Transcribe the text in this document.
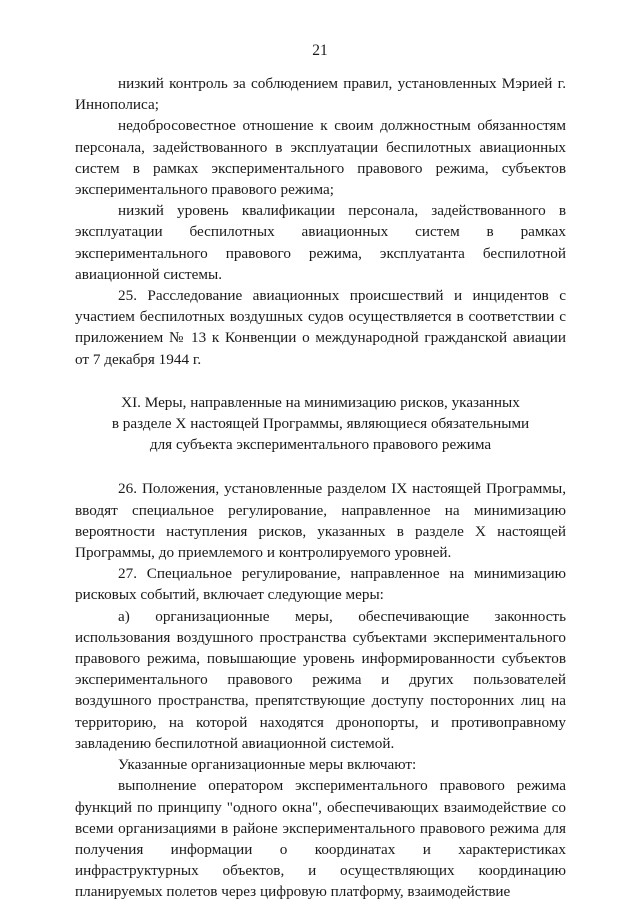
21

низкий контроль за соблюдением правил, установленных Мэрией г. Иннополиса;

недобросовестное отношение к своим должностным обязанностям персонала, задействованного в эксплуатации беспилотных авиационных систем в рамках экспериментального правового режима, субъектов экспериментального правового режима;

низкий уровень квалификации персонала, задействованного в эксплуатации беспилотных авиационных систем в рамках экспериментального правового режима, эксплуатанта беспилотной авиационной системы.

25. Расследование авиационных происшествий и инцидентов с участием беспилотных воздушных судов осуществляется в соответствии с приложением № 13 к Конвенции о международной гражданской авиации от 7 декабря 1944 г.

XI. Меры, направленные на минимизацию рисков, указанных
в разделе X настоящей Программы, являющиеся обязательными
для субъекта экспериментального правового режима

26. Положения, установленные разделом IX настоящей Программы, вводят специальное регулирование, направленное на минимизацию вероятности наступления рисков, указанных в разделе X настоящей Программы, до приемлемого и контролируемого уровней.

27. Специальное регулирование, направленное на минимизацию рисковых событий, включает следующие меры:

а) организационные меры, обеспечивающие законность использования воздушного пространства субъектами экспериментального правового режима, повышающие уровень информированности субъектов экспериментального правового режима и других пользователей воздушного пространства, препятствующие доступу посторонних лиц на территорию, на которой находятся дронопорты, и противоправному завладению беспилотной авиационной системой.

Указанные организационные меры включают:

выполнение оператором экспериментального правового режима функций по принципу "одного окна", обеспечивающих взаимодействие со всеми организациями в районе экспериментального правового режима для получения информации о координатах и характеристиках инфраструктурных объектов, и осуществляющих координацию планируемых полетов через цифровую платформу, взаимодействие
